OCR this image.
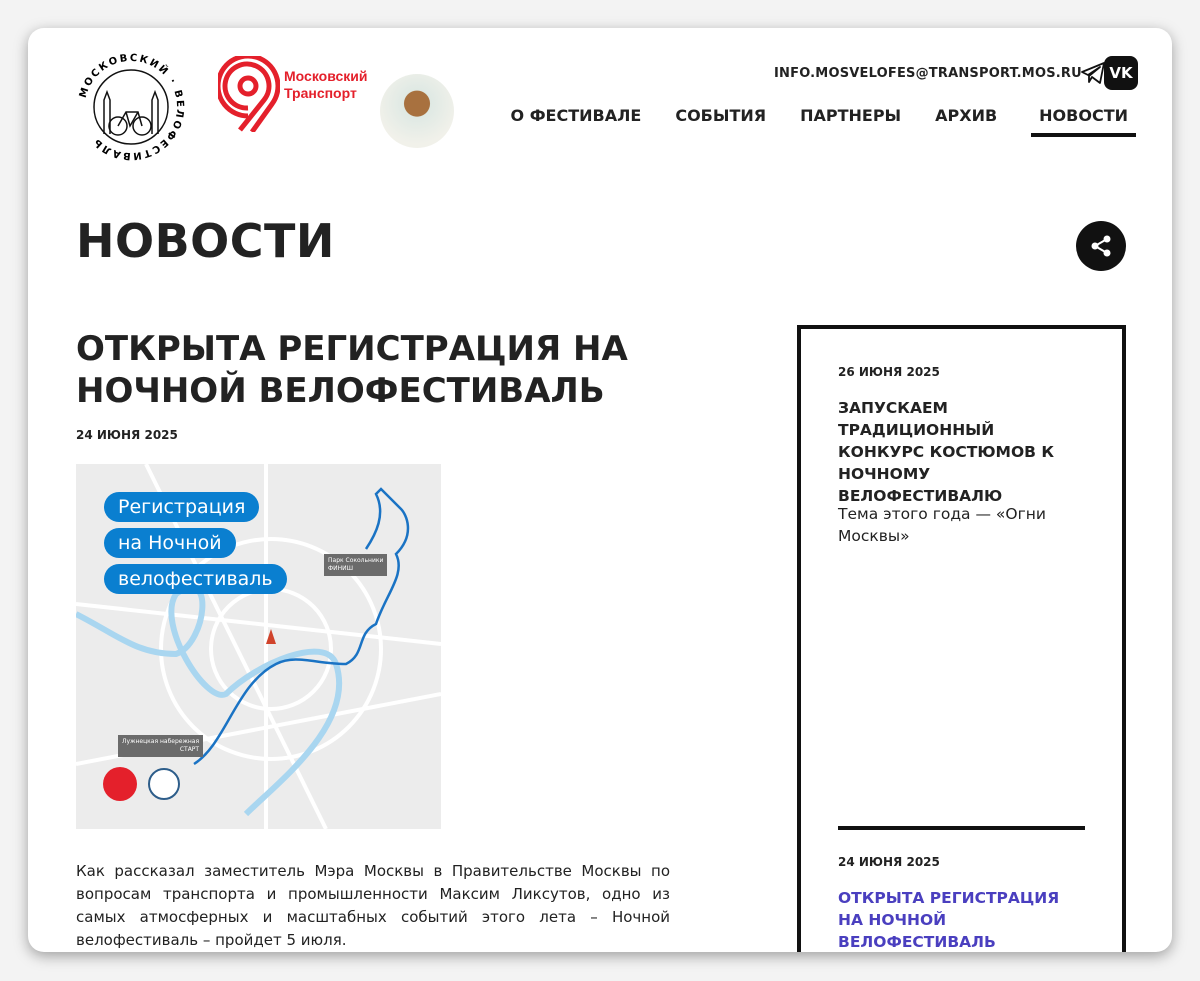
МОСКОВСКИЙ · ВЕЛОФЕСТИВАЛЬ
Московский Транспорт
INFO.MOSVELOFES@TRANSPORT.MOS.RU VK
О ФЕСТИВАЛЕ СОБЫТИЯ ПАРТНЕРЫ АРХИВ	НОВОСТИ
НОВОСТИ
ОТКРЫТА РЕГИСТРАЦИЯ НА НОЧНОЙ ВЕЛОФЕСТИВАЛЬ
24 ИЮНЯ 2025
Регистрация
на Ночной
велофестиваль
Парк Сокольники
ФИНИШ
Лужнецкая набережная
СТАРТ

Как рассказал заместитель Мэра Москвы в Правительстве Москвы по вопросам транспорта и промышленности Максим Ликсутов, одно из самых атмосферных и масштабных событий этого лета – Ночной велофестиваль – пройдет 5 июля.

26 ИЮНЯ 2025
ЗАПУСКАЕМ ТРАДИЦИОННЫЙ КОНКУРС КОСТЮМОВ К НОЧНОМУ ВЕЛОФЕСТИВАЛЮ
Тема этого года — «Огни Москвы»
24 ИЮНЯ 2025
ОТКРЫТА РЕГИСТРАЦИЯ НА НОЧНОЙ ВЕЛОФЕСТИВАЛЬ
